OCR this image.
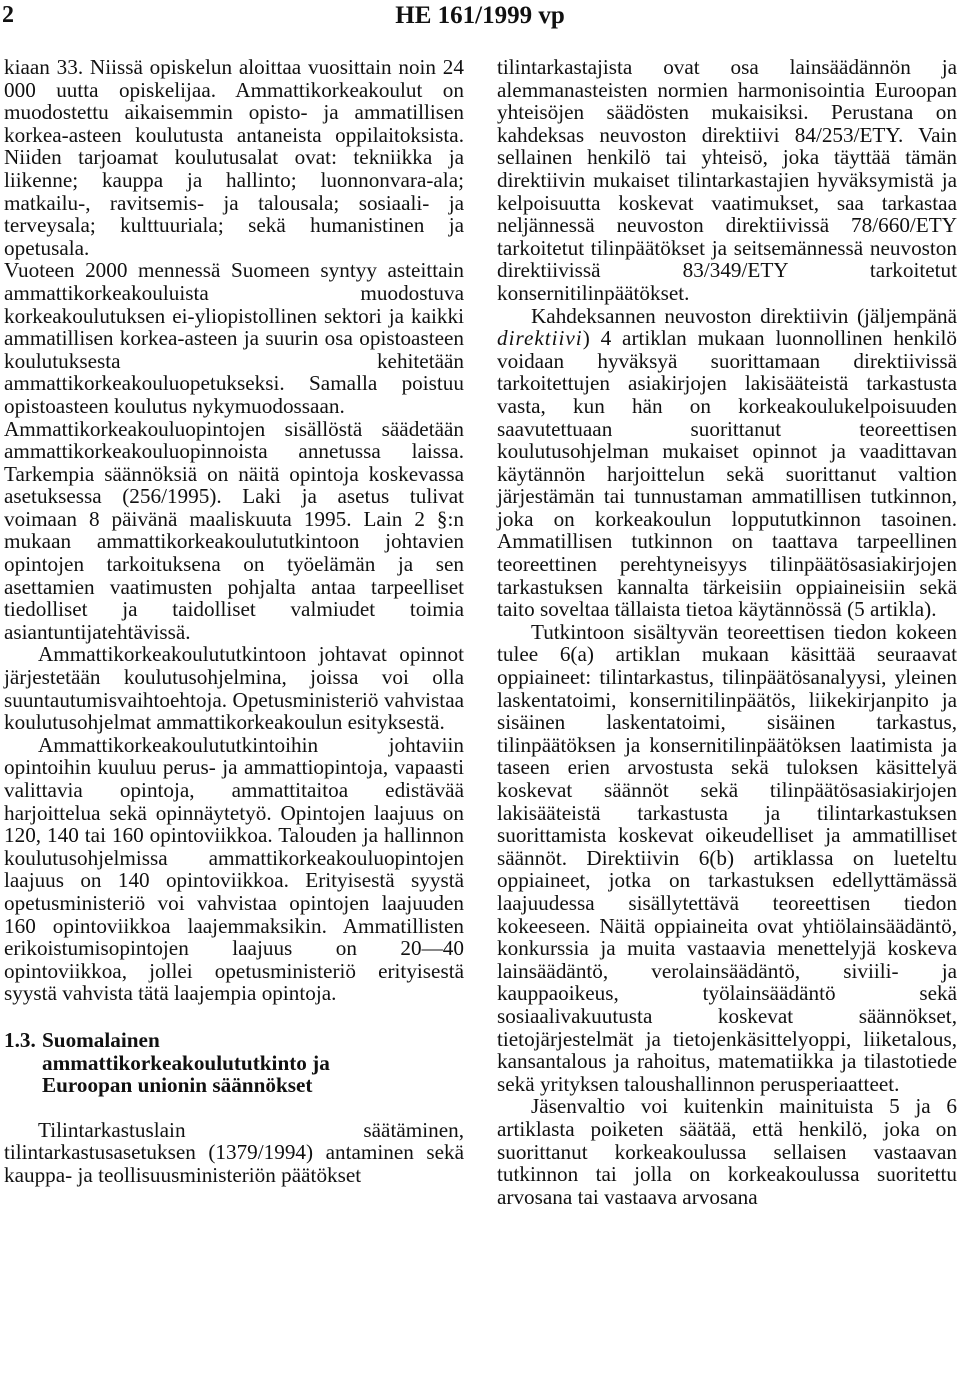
2	HE 161/1999 vp

kiaan 33. Niissä opiskelun aloittaa vuosittain noin 24 000 uutta opiskelijaa. Ammattikorkeakoulut on muodostettu aikaisemmin opisto- ja ammatillisen korkea-asteen koulutusta antaneista oppilaitoksista. Niiden tarjoamat koulutusalat ovat: tekniikka ja liikenne; kauppa ja hallinto; luonnonvara-ala; matkailu-, ravitsemis- ja talousala; sosiaali- ja terveysala; kulttuuriala; sekä humanistinen ja opetusala.

Vuoteen 2000 mennessä Suomeen syntyy asteittain ammattikorkeakouluista muodostuva korkeakoulutuksen ei-yliopistollinen sektori ja kaikki ammatillisen korkea-asteen ja suurin osa opistoasteen koulutuksesta kehitetään ammattikorkeakouluopetukseksi. Samalla poistuu opistoasteen koulutus nykymuodossaan.

Ammattikorkeakouluopintojen sisällöstä säädetään ammattikorkeakouluopinnoista annetussa laissa. Tarkempia säännöksiä on näitä opintoja koskevassa asetuksessa (256/1995). Laki ja asetus tulivat voimaan 8 päivänä maaliskuuta 1995. Lain 2 §:n mukaan ammattikorkeakoulututkintoon johtavien opintojen tarkoituksena on työelämän ja sen asettamien vaatimusten pohjalta antaa tarpeelliset tiedolliset ja taidolliset valmiudet toimia asiantuntijatehtävissä.

Ammattikorkeakoulututkintoon johtavat opinnot järjestetään koulutusohjelmina, joissa voi olla suuntautumisvaihtoehtoja. Opetusministeriö vahvistaa koulutusohjelmat ammattikorkeakoulun esityksestä.

Ammattikorkeakoulututkintoihin johtaviin opintoihin kuuluu perus- ja ammattiopintoja, vapaasti valittavia opintoja, ammattitaitoa edistävää harjoittelua sekä opinnäytetyö. Opintojen laajuus on 120, 140 tai 160 opintoviikkoa. Talouden ja hallinnon koulutusohjelmissa ammattikorkeakouluopintojen laajuus on 140 opintoviikkoa. Erityisestä syystä opetusministeriö voi vahvistaa opintojen laajuuden 160 opintoviikkoa laajemmaksikin. Ammatillisten erikoistumisopintojen laajuus on 20—40 opintoviikkoa, jollei opetusministeriö erityisestä syystä vahvista tätä laajempia opintoja.

1.3. Suomalainen ammattikorkeakoulututkinto ja Euroopan unionin säännökset

Tilintarkastuslain säätäminen, tilintarkastusasetuksen (1379/1994) antaminen sekä kauppa- ja teollisuusministeriön päätökset

tilintarkastajista ovat osa lainsäädännön ja alemmanasteisten normien harmonisointia Euroopan yhteisöjen säädösten mukaisiksi. Perustana on kahdeksas neuvoston direktiivi 84/253/ETY. Vain sellainen henkilö tai yhteisö, joka täyttää tämän direktiivin mukaiset tilintarkastajien hyväksymistä ja kelpoisuutta koskevat vaatimukset, saa tarkastaa neljännessä neuvoston direktiivissä 78/660/ETY tarkoitetut tilinpäätökset ja seitsemännessä neuvoston direktiivissä 83/349/ETY tarkoitetut konsernitilinpäätökset.

Kahdeksannen neuvoston direktiivin (jäljempänä direktiivi) 4 artiklan mukaan luonnollinen henkilö voidaan hyväksyä suorittamaan direktiivissä tarkoitettujen asiakirjojen lakisääteistä tarkastusta vasta, kun hän on korkeakoulukelpoisuuden saavutettuaan suorittanut teoreettisen koulutusohjelman mukaiset opinnot ja vaadittavan käytännön harjoittelun sekä suorittanut valtion järjestämän tai tunnustaman ammatillisen tutkinnon, joka on korkeakoulun loppututkinnon tasoinen. Ammatillisen tutkinnon on taattava tarpeellinen teoreettinen perehtyneisyys tilinpäätösasiakirjojen tarkastuksen kannalta tärkeisiin oppiaineisiin sekä taito soveltaa tällaista tietoa käytännössä (5 artikla).

Tutkintoon sisältyvän teoreettisen tiedon kokeen tulee 6(a) artiklan mukaan käsittää seuraavat oppiaineet: tilintarkastus, tilinpäätösanalyysi, yleinen laskentatoimi, konsernitilinpäätös, liikekirjanpito ja sisäinen laskentatoimi, sisäinen tarkastus, tilinpäätöksen ja konsernitilinpäätöksen laatimista ja taseen erien arvostusta sekä tuloksen käsittelyä koskevat säännöt sekä tilinpäätösasiakirjojen lakisääteistä tarkastusta ja tilintarkastuksen suorittamista koskevat oikeudelliset ja ammatilliset säännöt. Direktiivin 6(b) artiklassa on lueteltu oppiaineet, jotka on tarkastuksen edellyttämässä laajuudessa sisällytettävä teoreettisen tiedon kokeeseen. Näitä oppiaineita ovat yhtiölainsäädäntö, konkurssia ja muita vastaavia menettelyjä koskeva lainsäädäntö, verolainsäädäntö, siviili- ja kauppaoikeus, työlainsäädäntö sekä sosiaalivakuutusta koskevat säännökset, tietojärjestelmät ja tietojenkäsittelyoppi, liiketalous, kansantalous ja rahoitus, matematiikka ja tilastotiede sekä yrityksen taloushallinnon perusperiaatteet.

Jäsenvaltio voi kuitenkin mainituista 5 ja 6 artiklasta poiketen säätää, että henkilö, joka on suorittanut korkeakoulussa sellaisen vastaavan tutkinnon tai jolla on korkeakoulussa suoritettu arvosana tai vastaava arvosana
